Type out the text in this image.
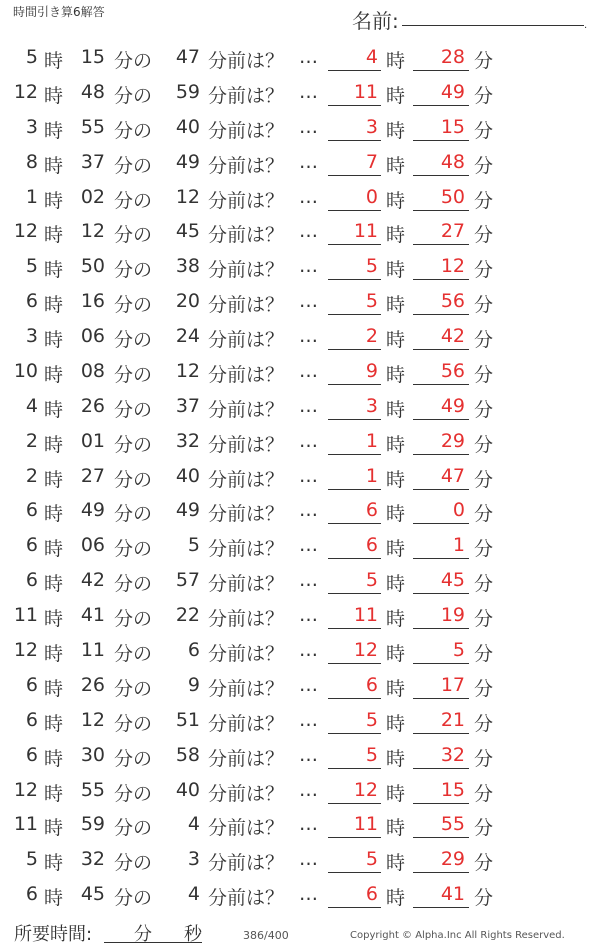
時間引き算6解答	名前:	.
5 時 15 分の	47 分前は？ …	4 時	28 分
12 時 48 分の	59 分前は？ …	11 時	49 分
3 時 55 分の	40 分前は？ …	3 時	15 分
8 時 37 分の	49 分前は？ …	7 時	48 分
1 時 02 分の	12 分前は？ …	0 時	50 分
12 時 12 分の	45 分前は？ …	11 時	27 分
5 時 50 分の	38 分前は？ …	5 時	12 分
6 時 16 分の	20 分前は？ …	5 時	56 分
3 時 06 分の	24 分前は？ …	2 時	42 分
10 時 08 分の	12 分前は？ …	9 時	56 分
4 時 26 分の	37 分前は？ …	3 時	49 分
2 時 01 分の	32 分前は？ …	1 時	29 分
2 時 27 分の	40 分前は？ …	1 時	47 分
6 時 49 分の	49 分前は？ …	6 時	0 分
6 時 06 分の	5 分前は？ …	6 時	1 分
6 時 42 分の	57 分前は？ …	5 時	45 分
11 時 41 分の	22 分前は？ …	11 時	19 分
12 時 11 分の	6 分前は？ …	12 時	5 分
6 時 26 分の	9 分前は？ …	6 時	17 分
6 時 12 分の	51 分前は？ …	5 時	21 分
6 時 30 分の	58 分前は？ …	5 時	32 分
12 時 55 分の	40 分前は？ …	12 時	15 分
11 時 59 分の	4 分前は？ …	11 時	55 分
5 時 32 分の	3 分前は？ …	5 時	29 分
6 時 45 分の	4 分前は？ …	6 時	41 分
所要時間: 分 秒	386/400	Copyright © Alpha.Inc All Rights Reserved.
